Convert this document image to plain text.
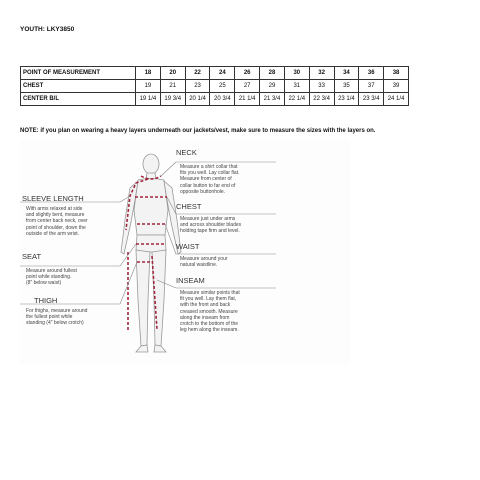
YOUTH: LKY3850
POINT OF MEASUREMENT	18	20	22	24	26	28	30	32	34	36	38
CHEST	19	21	23	25	27	29	31	33	35	37	39
CENTER B/L	19 1/4	19 3/4	20 1/4	20 3/4	21 1/4	21 3/4	22 1/4	22 3/4	23 1/4	23 3/4	24 1/4
NOTE: if you plan on wearing a heavy layers underneath our jackets/vest, make sure to measure the sizes with the layers on.
NECK
Measure a shirt collar that
fits you well. Lay collar flat.
Measure from center of
collar button to far end of
opposite buttonhole.
CHEST
Measure just under arms
and across shoulder blades
holding tape firm and level.
WAIST
Measure around your
natural waistline.
INSEAM
Measure similar points that
fit you well. Lay them flat,
with the front and back
creased smooth. Measure
along the inseam from
crotch to the bottom of the
leg hem along the inseam.
SLEEVE LENGTH
With arms relaxed at side
and slightly bent, measure
from center back neck, over
point of shoulder, down the
outside of the arm wrist.
SEAT
Measure around fullest
point while standing.
(8" below waist)
THIGH
For thighs, measure around
the fullest point while
standing (4" below crotch)
